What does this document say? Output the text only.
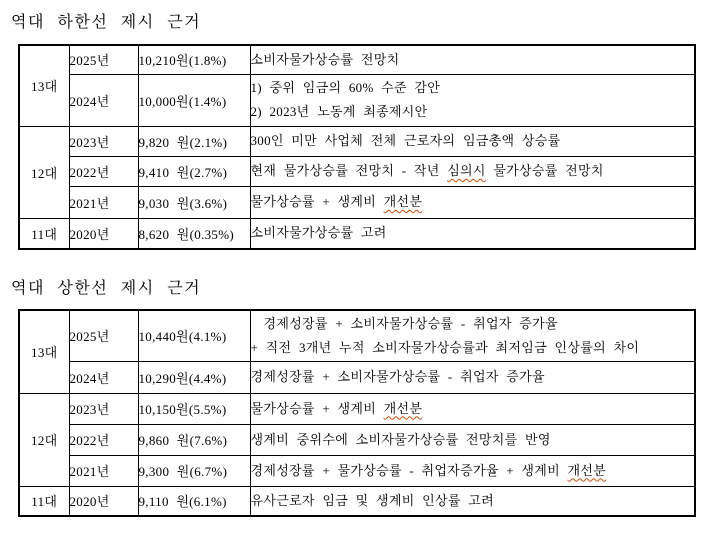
역대 하한선 제시 근거
13대	2025년	10,210원(1.8%)	소비자물가상승률 전망치
	2024년	10,000원(1.4%)	1) 중위 임금의 60% 수준 감안
2) 2023년 노동계 최종제시안

12대	2023년	9,820 원(2.1%)	300인 미만 사업체 전체 근로자의 임금총액 상승률
	2022년	9,410 원(2.7%)	현재 물가상승률 전망치 - 작년 심의시 물가상승률 전망치
	2021년	9,030 원(3.6%)	물가상승률 + 생계비 개선분
11대	2020년	8,620 원(0.35%)	소비자물가상승률 고려
역대 상한선 제시 근거
13대	2025년	10,440원(4.1%)	경제성장률 + 소비자물가상승률 - 취업자 증가율
+ 직전 3개년 누적 소비자물가상승률과 최저임금 인상률의 차이

	2024년	10,290원(4.4%)	경제성장률 + 소비자물가상승률 - 취업자 증가율
12대	2023년	10,150원(5.5%)	물가상승률 + 생계비 개선분
	2022년	9,860 원(7.6%)	생계비 중위수에 소비자물가상승률 전망치를 반영
	2021년	9,300 원(6.7%)	경제성장률 + 물가상승률 - 취업자증가율 + 생계비 개선분
11대	2020년	9,110 원(6.1%)	유사근로자 임금 및 생계비 인상률 고려
